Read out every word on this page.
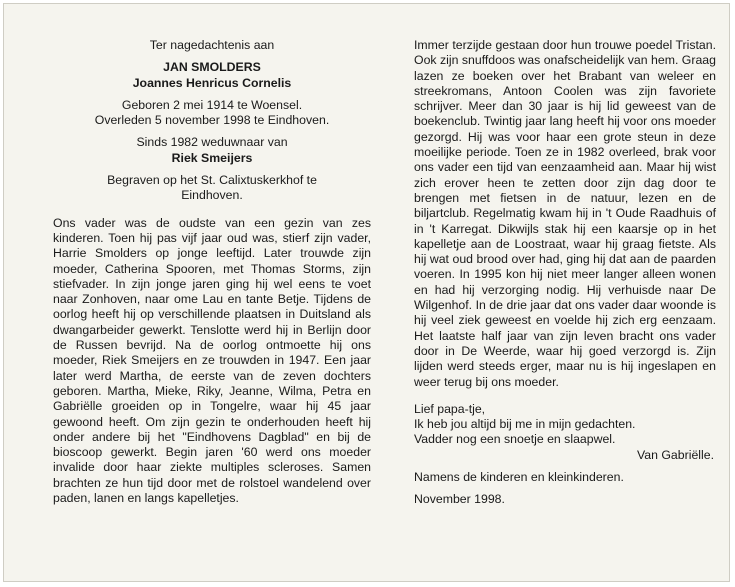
Ter nagedachtenis aan
JAN SMOLDERS
Joannes Henricus Cornelis
Geboren 2 mei 1914 te Woensel.
Overleden 5 november 1998 te Eindhoven.
Sinds 1982 weduwnaar van
Riek Smeijers
Begraven op het St. Calixtuskerkhof te
Eindhoven.

Ons vader was de oudste van een gezin van zes kinderen. Toen hij pas vijf jaar oud was, stierf zijn vader, Harrie Smolders op jonge leeftijd. Later trouwde zijn moeder, Catherina Spooren, met Thomas Storms, zijn stiefvader. In zijn jonge jaren ging hij wel eens te voet naar Zonhoven, naar ome Lau en tante Betje. Tijdens de oorlog heeft hij op verschillende plaatsen in Duitsland als dwangarbeider gewerkt. Tenslotte werd hij in Berlijn door de Russen bevrijd. Na de oorlog ontmoette hij ons moeder, Riek Smeijers en ze trouwden in 1947. Een jaar later werd Martha, de eerste van de zeven dochters geboren. Martha, Mieke, Riky, Jeanne, Wilma, Petra en Gabriëlle groeiden op in Tongelre, waar hij 45 jaar gewoond heeft. Om zijn gezin te onderhouden heeft hij onder andere bij het "Eindhovens Dagblad" en bij de bioscoop gewerkt. Begin jaren '60 werd ons moeder invalide door haar ziekte multiples scleroses. Samen brachten ze hun tijd door met de rolstoel wandelend over paden, lanen en langs kapelletjes.

Immer terzijde gestaan door hun trouwe poedel Tristan. Ook zijn snuffdoos was onafscheidelijk van hem. Graag lazen ze boeken over het Brabant van weleer en streekromans, Antoon Coolen was zijn favoriete schrijver. Meer dan 30 jaar is hij lid geweest van de boekenclub. Twintig jaar lang heeft hij voor ons moeder gezorgd. Hij was voor haar een grote steun in deze moeilijke periode. Toen ze in 1982 overleed, brak voor ons vader een tijd van eenzaamheid aan. Maar hij wist zich erover heen te zetten door zijn dag door te brengen met fietsen in de natuur, lezen en de biljartclub. Regelmatig kwam hij in 't Oude Raadhuis of in 't Karregat. Dikwijls stak hij een kaarsje op in het kapelletje aan de Loostraat, waar hij graag fietste. Als hij wat oud brood over had, ging hij dat aan de paarden voeren. In 1995 kon hij niet meer langer alleen wonen en had hij verzorging nodig. Hij verhuisde naar De Wilgenhof. In de drie jaar dat ons vader daar woonde is hij veel ziek geweest en voelde hij zich erg eenzaam. Het laatste half jaar van zijn leven bracht ons vader door in De Weerde, waar hij goed verzorgd is. Zijn lijden werd steeds erger, maar nu is hij ingeslapen en weer terug bij ons moeder.

Lief papa-tje,

Ik heb jou altijd bij me in mijn gedachten.

Vadder nog een snoetje en slaapwel.

Van Gabriëlle.

Namens de kinderen en kleinkinderen.

November 1998.
